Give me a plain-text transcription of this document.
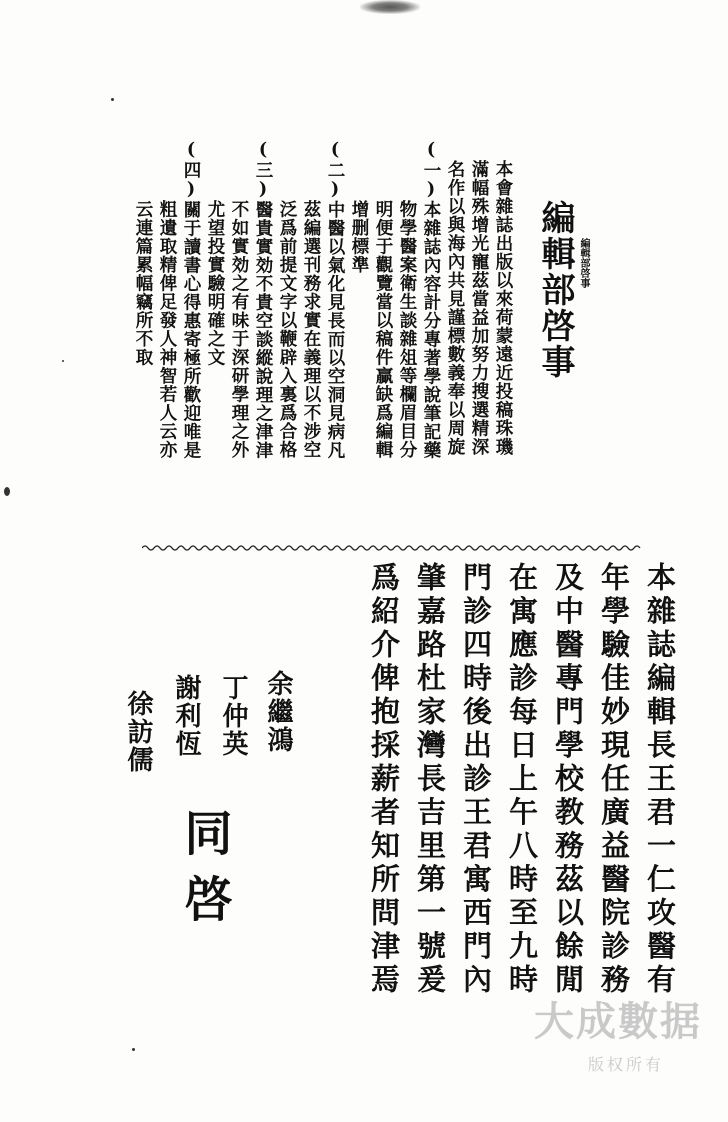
編輯部啓事
編輯部啓事
本會雜誌出版以來荷蒙遠近投稿珠璣
滿幅殊增光寵茲當益加努力搜選精深
名作以與海內共見謹標數義奉以周旋
(一)本雜誌內容計分專著學說筆記藥
物學醫案衛生談雜俎等欄眉目分
明便于觀覽當以稿件贏缺爲編輯
增删標準
(二)中醫以氣化見長而以空洞見病凡
茲編選刊務求實在義理以不涉空
泛爲前提文字以鞭辟入裏爲合格
(三)醫貴實効不貴空談縱說理之津津
不如實効之有味于深研學理之外
尤望投實驗明確之文
(四)關于讀書心得惠寄極所歡迎唯是
粗遺取精俾足發人神智若人云亦
云連篇累幅竊所不取
本雜誌編輯長王君一仁攻醫有
年學驗佳妙現任廣益醫院診務
及中醫專門學校教務茲以餘閒
在寓應診每日上午八時至九時
門診四時後出診王君寓西門內
肇嘉路杜家灣長吉里第一號爰
爲紹介俾抱採薪者知所問津焉
余繼鴻
丁仲英
謝利恆
徐訪儒
同啓
大成數据
版权所有
